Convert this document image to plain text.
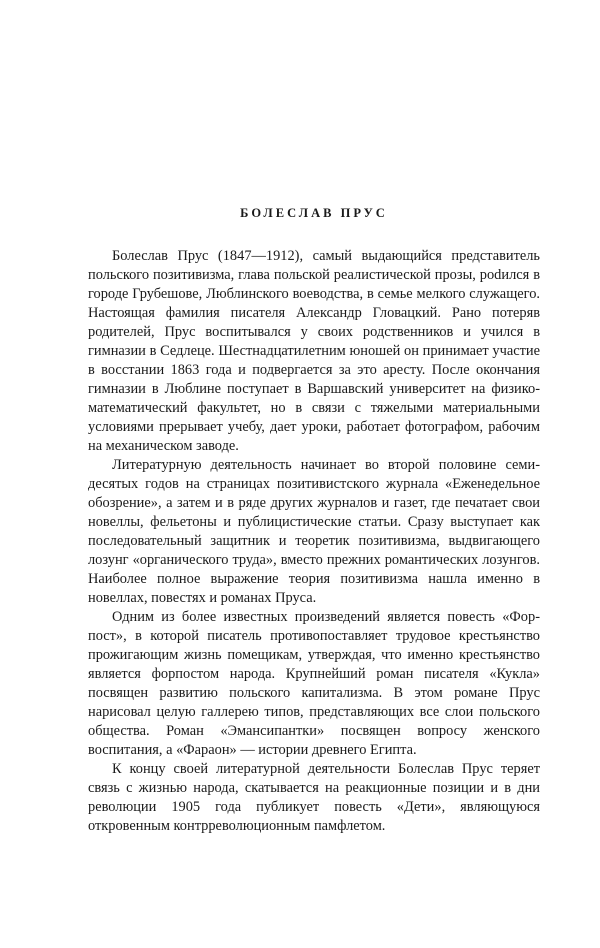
БОЛЕСЛАВ ПРУС

Болеслав Прус (1847—1912), самый выдающийся представитель польского позитивизма, глава польской реалистической прозы, роdился в городе Грубешове, Люблинского воеводства, в семье мелкого служащего. Настоящая фамилия писателя Александр Гловацкий. Рано потеряв родителей, Прус воспитывался у своих родственников и учился в гимназии в Седлеце. Шестнадцатилетним юношей он принимает участие в восстании 1863 года и подвергается за это аресту. После окончания гимназии в Люблине поступает в Варшавский университет на физико-математический факультет, но в связи с тяжелыми материальными условиями прерывает учебу, дает уроки, работает фотографом, рабочим на механическом заводе.

Литературную деятельность начинает во второй половине семидесятых годов на страницах позитивистского журнала «Еженедельное обозрение», а затем и в ряде других журналов и газет, где печатает свои новеллы, фельетоны и публицистические статьи. Сразу выступает как последовательный защитник и теоретик позитивизма, выдвигающего лозунг «органического труда», вместо прежних романтических лозунгов. Наиболее полное выражение теория позитивизма нашла именно в новеллах, повестях и романах Пруса.

Одним из более известных произведений является повесть «Форпост», в которой писатель противопоставляет трудовое крестьянство прожигающим жизнь помещикам, утверждая, что именно крестьянство является форпостом народа. Крупнейший роман писателя «Кукла» посвящен развитию польского капитализма. В этом романе Прус нарисовал целую галлерею типов, представляющих все слои польского общества. Роман «Эмансипантки» посвящен вопросу женского воспитания, а «Фараон» — истории древнего Египта.

К концу своей литературной деятельности Болеслав Прус теряет связь с жизнью народа, скатывается на реакционные позиции и в дни революции 1905 года публикует повесть «Дети», являющуюся откровенным контрреволюционным памфлетом.
